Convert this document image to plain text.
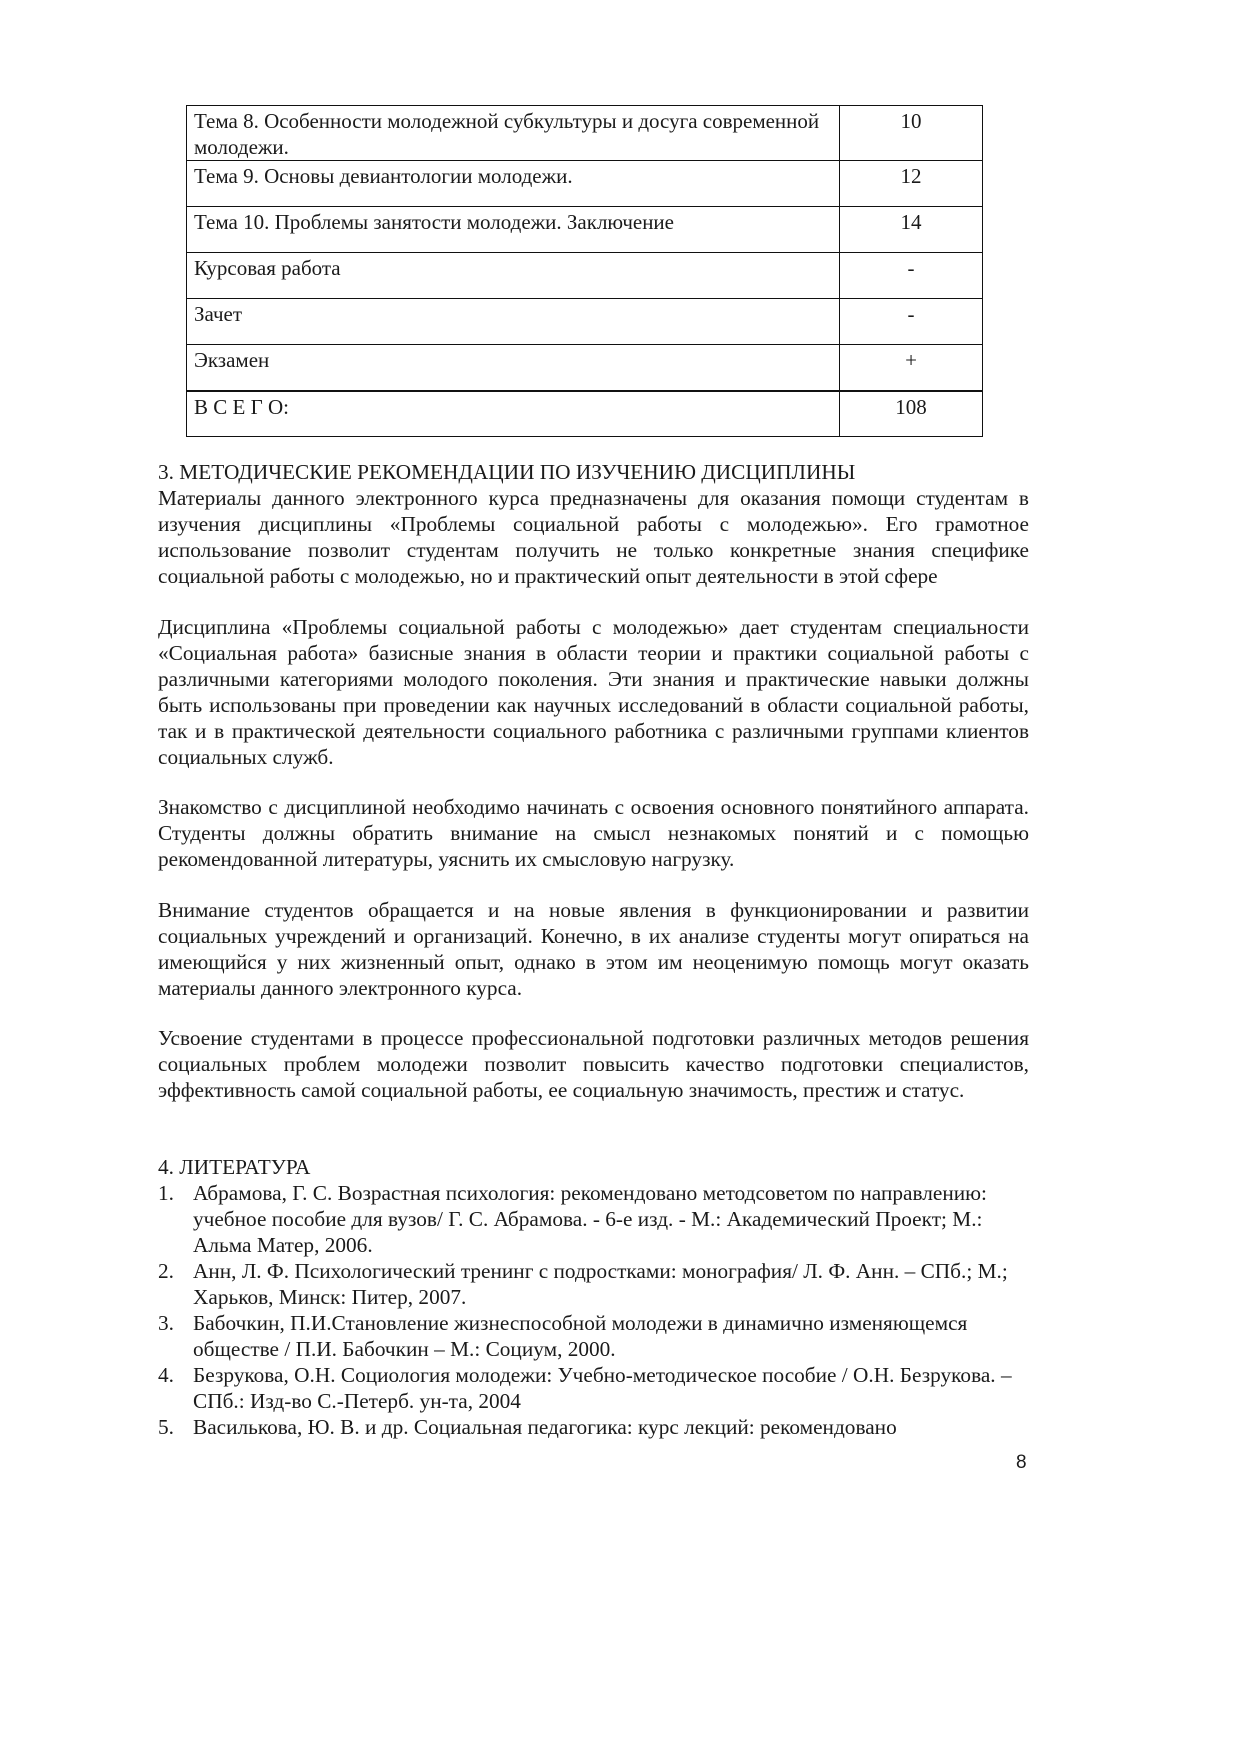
Тема 8. Особенности молодежной субкультуры и досуга современной молодежи.	10
Тема 9. Основы девиантологии молодежи.	12
Тема 10. Проблемы занятости молодежи. Заключение	14
Курсовая работа	-
Зачет	-
Экзамен	+
В С Е Г О:	108
3. МЕТОДИЧЕСКИЕ РЕКОМЕНДАЦИИ ПО ИЗУЧЕНИЮ ДИСЦИПЛИНЫ

Материалы данного электронного курса предназначены для оказания помощи студентам в изучения дисциплины «Проблемы социальной работы с молодежью». Его грамотное использование позволит студентам получить не только конкретные знания специфике социальной работы с молодежью, но и практический опыт деятельности в этой сфере

Дисциплина «Проблемы социальной работы с молодежью» дает студентам специальности «Социальная работа» базисные знания в области теории и практики социальной работы с различными категориями молодого поколения. Эти знания и практические навыки должны быть использованы при проведении как научных исследований в области социальной работы, так и в практической деятельности социального работника с различными группами клиентов социальных служб.

Знакомство с дисциплиной необходимо начинать с освоения основного понятийного аппарата. Студенты должны обратить внимание на смысл незнакомых понятий и с помощью рекомендованной литературы, уяснить их смысловую нагрузку.

Внимание студентов обращается и на новые явления в функционировании и развитии социальных учреждений и организаций. Конечно, в их анализе студенты могут опираться на имеющийся у них жизненный опыт, однако в этом им неоценимую помощь могут оказать материалы данного электронного курса.

Усвоение студентами в процессе профессиональной подготовки различных методов решения социальных проблем молодежи позволит повысить качество подготовки специалистов, эффективность самой социальной работы, ее социальную значимость, престиж и статус.

4. ЛИТЕРАТУРА
1. Абрамова, Г. С. Возрастная психология: рекомендовано методсоветом по направлению: учебное пособие для вузов/ Г. С. Абрамова. - 6-е изд. - М.: Академический Проект; М.: Альма Матер, 2006.
2. Анн, Л. Ф. Психологический тренинг с подростками: монография/ Л. Ф. Анн. – СПб.; М.; Харьков, Минск: Питер, 2007.
3. Бабочкин, П.И.Становление жизнеспособной молодежи в динамично изменяющемся обществе / П.И. Бабочкин – М.: Социум, 2000.
4. Безрукова, О.Н. Социология молодежи: Учебно-методическое пособие / О.Н. Безрукова. – СПб.: Изд-во С.-Петерб. ун-та, 2004
5. Василькова, Ю. В. и др. Социальная педагогика: курс лекций: рекомендовано
8
